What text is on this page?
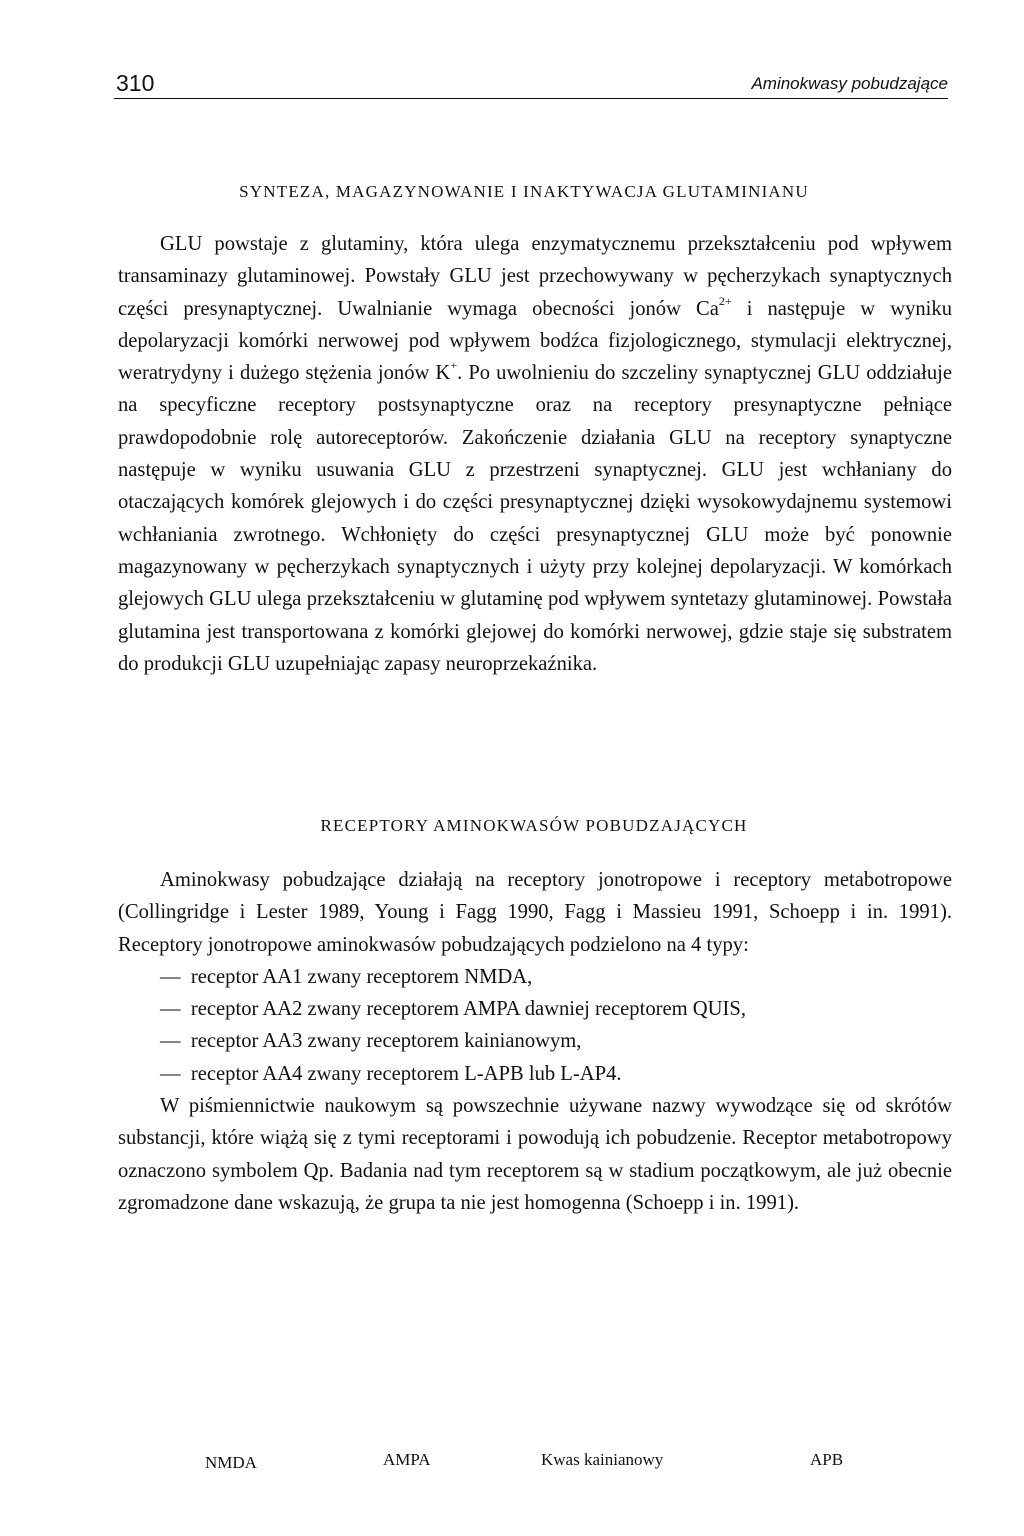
310	Aminokwasy pobudzające
SYNTEZA, MAGAZYNOWANIE I INAKTYWACJA GLUTAMINIANU

GLU powstaje z glutaminy, która ulega enzymatycznemu przekształceniu pod wpływem transaminazy glutaminowej. Powstały GLU jest przechowywany w pęcherzykach synaptycznych części presynaptycznej. Uwalnianie wymaga obecności jonów $Ca^{2+}$ i następuje w wyniku depolaryzacji komórki nerwowej pod wpływem bodźca fizjologicznego, stymulacji elektrycznej, weratrydyny i dużego stężenia jonów K+. Po uwolnieniu do szczeliny synaptycznej GLU oddziałuje na specyficzne receptory postsynaptyczne oraz na receptory presynaptyczne pełniące prawdopodobnie rolę autoreceptorów. Zakończenie działania GLU na receptory synaptyczne następuje w wyniku usuwania GLU z przestrzeni synaptycznej. GLU jest wchłaniany do otaczających komórek glejowych i do części presynaptycznej dzięki wysokowydajnemu systemowi wchłaniania zwrotnego. Wchłonięty do części presynaptycznej GLU może być ponownie magazynowany w pęcherzykach synaptycznych i użyty przy kolejnej depolaryzacji. W komórkach glejowych GLU ulega przekształceniu w glutaminę pod wpływem syntetazy glutaminowej. Powstała glutamina jest transportowana z komórki glejowej do komórki nerwowej, gdzie staje się substratem do produkcji GLU uzupełniając zapasy neuroprzekaźnika.

RECEPTORY AMINOKWASÓW POBUDZAJĄCYCH

Aminokwasy pobudzające działają na receptory jonotropowe i receptory metabotropowe (Collingridge i Lester 1989, Young i Fagg 1990, Fagg i Massieu 1991, Schoepp i in. 1991). Receptory jonotropowe aminokwasów pobudzających podzielono na 4 typy:

—  receptor AA1 zwany receptorem NMDA,
—  receptor AA2 zwany receptorem AMPA dawniej receptorem QUIS,
—  receptor AA3 zwany receptorem kainianowym,
—  receptor AA4 zwany receptorem L-APB lub L-AP4.

W piśmiennictwie naukowym są powszechnie używane nazwy wywodzące się od skrótów substancji, które wiążą się z tymi receptorami i powodują ich pobudzenie. Receptor metabotropowy oznaczono symbolem Qp. Badania nad tym receptorem są w stadium początkowym, ale już obecnie zgromadzone dane wskazują, że grupa ta nie jest homogenna (Schoepp i in. 1991).

NMDA	AMPA	Kwas kainianowy	APB
